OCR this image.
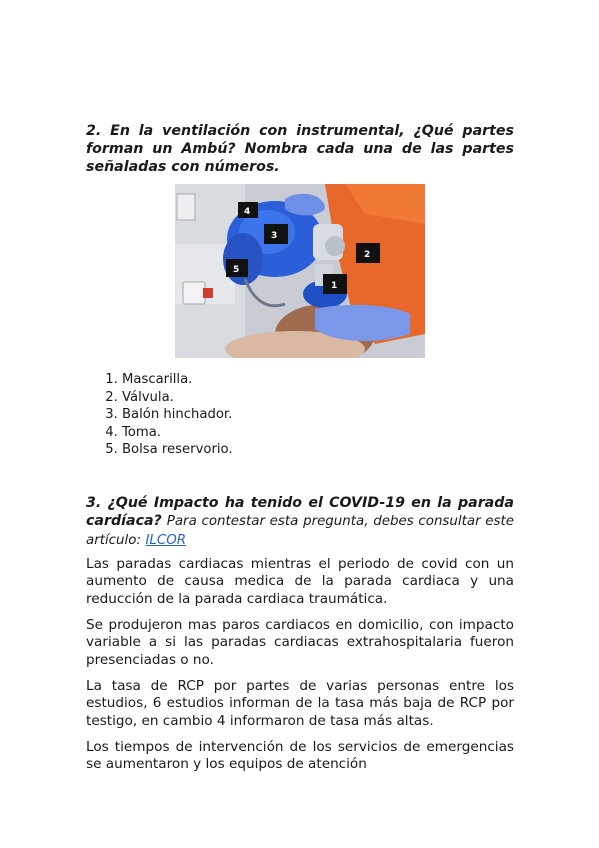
2. En la ventilación con instrumental, ¿Qué partes forman un Ambú? Nombra cada una de las partes señaladas con números.
4
3
2
5
1
1. Mascarilla.
2. Válvula.
3. Balón hinchador.
4. Toma.
5. Bolsa reservorio.
3. ¿Qué Impacto ha tenido el COVID-19 en la parada cardíaca? Para contestar esta pregunta, debes consultar este artículo: ILCOR
Las paradas cardiacas mientras el periodo de covid con un aumento de causa medica de la parada cardiaca y una reducción de la parada cardiaca traumática.
Se produjeron mas paros cardiacos en domicilio, con impacto variable a si las paradas cardiacas extrahospitalaria fueron presenciadas o no.
La tasa de RCP por partes de varias personas entre los estudios, 6 estudios informan de la tasa más baja de RCP por testigo, en cambio 4 informaron de tasa más altas.
Los tiempos de intervención de los servicios de emergencias se aumentaron y los equipos de atención
